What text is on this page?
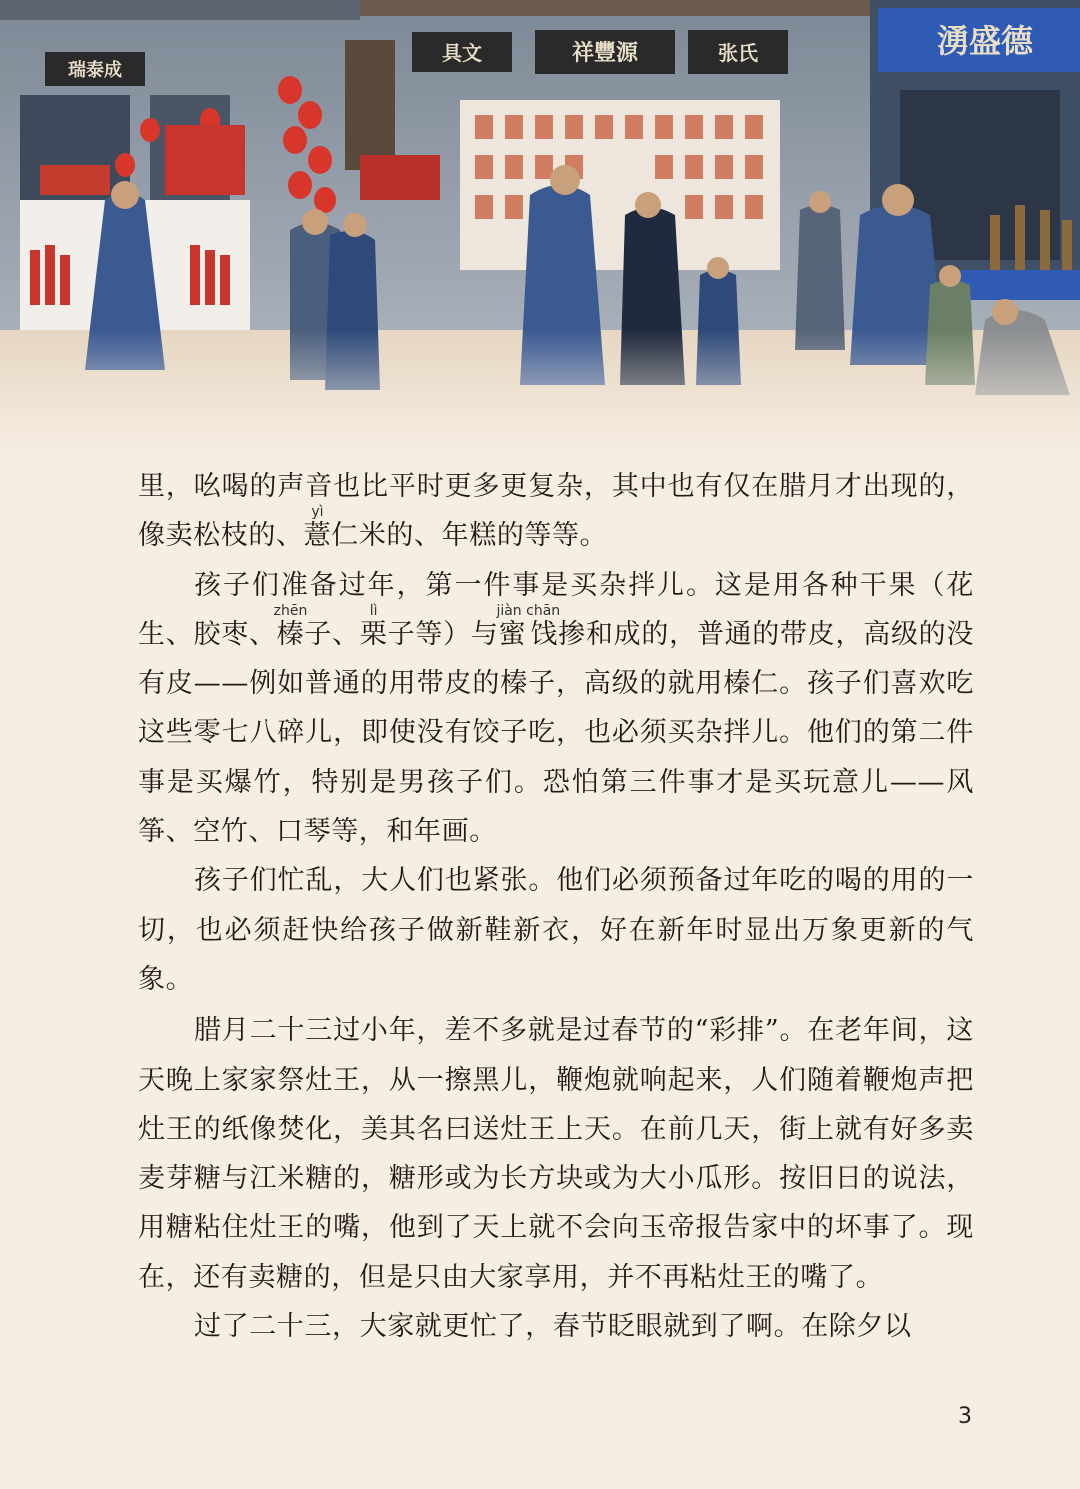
瑞泰成
具文	祥豐源	张氏	湧盛德

里，吆喝的声音也比平时更多更复杂，其中也有仅在腊月才出现的，像卖松枝的、薏yì仁米的、年糕的等等。

孩子们准备过年，第一件事是买杂拌儿。这是用各种干果（花生、胶枣、榛zhēn子、栗lì子等）与蜜饯jiàn chān掺和成的，普通的带皮，高级的没有皮——例如普通的用带皮的榛子，高级的就用榛仁。孩子们喜欢吃这些零七八碎儿，即使没有饺子吃，也必须买杂拌儿。他们的第二件事是买爆竹，特别是男孩子们。恐怕第三件事才是买玩意儿——风筝、空竹、口琴等，和年画。

孩子们忙乱，大人们也紧张。他们必须预备过年吃的喝的用的一切，也必须赶快给孩子做新鞋新衣，好在新年时显出万象更新的气象。

腊月二十三过小年，差不多就是过春节的“彩排”。在老年间，这天晚上家家祭灶王，从一擦黑儿，鞭炮就响起来，人们随着鞭炮声把灶王的纸像焚化，美其名曰送灶王上天。在前几天，街上就有好多卖麦芽糖与江米糖的，糖形或为长方块或为大小瓜形。按旧日的说法，用糖粘住灶王的嘴，他到了天上就不会向玉帝报告家中的坏事了。现在，还有卖糖的，但是只由大家享用，并不再粘灶王的嘴了。

过了二十三，大家就更忙了，春节眨眼就到了啊。在除夕以

3
